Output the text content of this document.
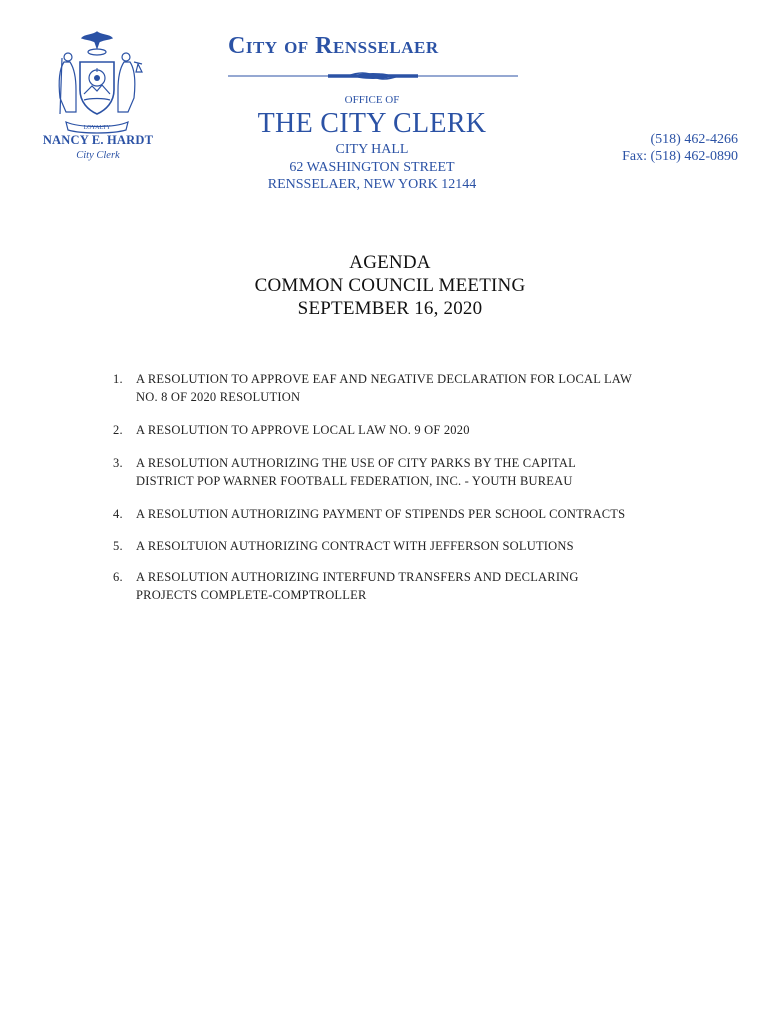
LOYALTY
NANCY E. HARDT
City Clerk
City of Rensselaer
OFFICE OF
THE CITY CLERK
CITY HALL
62 WASHINGTON STREET
RENSSELAER, NEW YORK 12144
(518) 462-4266
Fax: (518) 462-0890
AGENDA
COMMON COUNCIL MEETING
SEPTEMBER 16, 2020
1. A RESOLUTION TO APPROVE EAF AND NEGATIVE DECLARATION FOR LOCAL LAW
NO. 8 OF 2020 RESOLUTION
2. A RESOLUTION TO APPROVE LOCAL LAW NO. 9 OF 2020
3. A RESOLUTION AUTHORIZING THE USE OF CITY PARKS BY THE CAPITAL
DISTRICT POP WARNER FOOTBALL FEDERATION, INC. - YOUTH BUREAU
4. A RESOLUTION AUTHORIZING PAYMENT OF STIPENDS PER SCHOOL CONTRACTS
5. A RESOLTUION AUTHORIZING CONTRACT WITH JEFFERSON SOLUTIONS
6. A RESOLUTION AUTHORIZING INTERFUND TRANSFERS AND DECLARING
PROJECTS COMPLETE-COMPTROLLER
